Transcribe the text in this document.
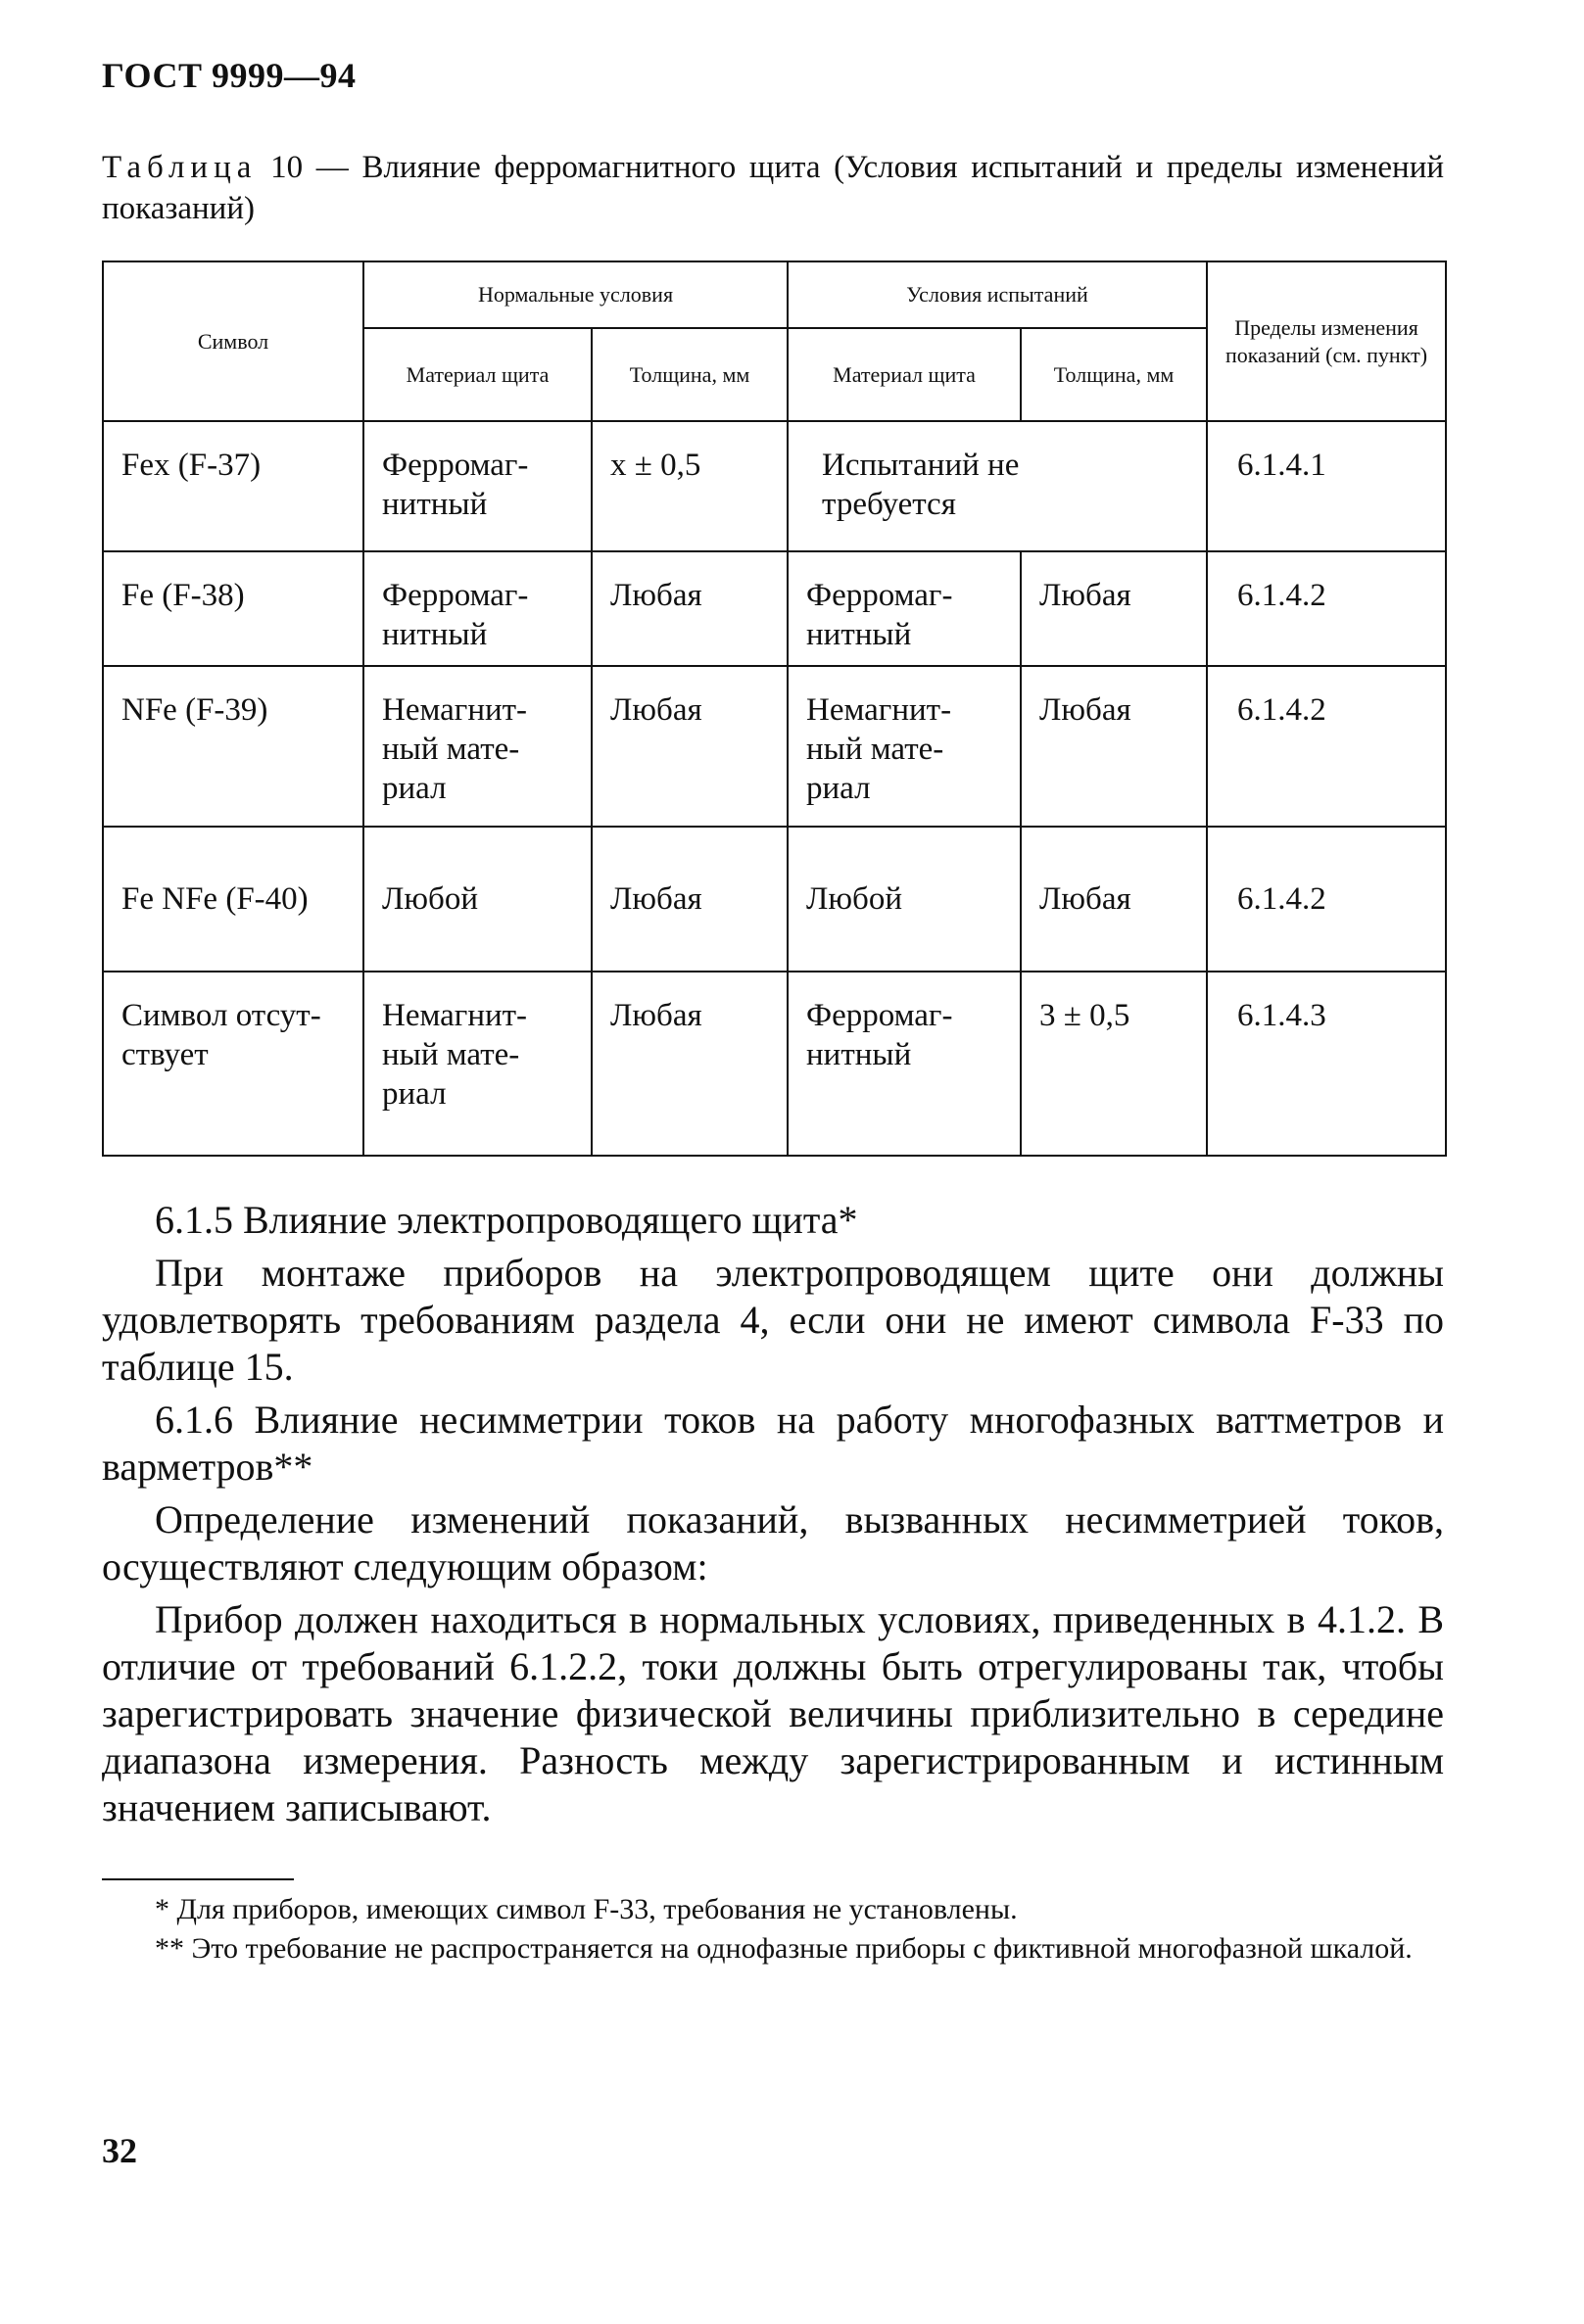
ГОСТ 9999—94
Таблица 10 — Влияние ферромагнитного щита (Условия испытаний и пределы изменений показаний)
Символ	Нормальные условия		Условия испытаний		Пределы изменения показаний (см. пункт)
	Материал щита	Толщина, мм	Материал щита	Толщина, мм	
Fex (F-37)	Ферромаг-нитный	x ± 0,5	Испытаний не требуется		6.1.4.1
Fe (F-38)	Ферромаг-нитный	Любая	Ферромаг-нитный	Любая	6.1.4.2
NFe (F-39)	Немагнит-ный мате-риал	Любая	Немагнит-ный мате-риал	Любая	6.1.4.2
Fe NFe (F-40)	Любой	Любая	Любой	Любая	6.1.4.2
Символ отсут-ствует	Немагнит-ный мате-риал	Любая	Ферромаг-нитный	3 ± 0,5	6.1.4.3

6.1.5 Влияние электропроводящего щита*

При монтаже приборов на электропроводящем щите они должны удовлетворять требованиям раздела 4, если они не имеют символа F-33 по таблице 15.

6.1.6 Влияние несимметрии токов на работу многофазных ваттметров и варметров**

Определение изменений показаний, вызванных несимметрией токов, осуществляют следующим образом:

Прибор должен находиться в нормальных условиях, приведенных в 4.1.2. В отличие от требований 6.1.2.2, токи должны быть отрегулированы так, чтобы зарегистрировать значение физической величины приблизительно в середине диапазона измерения. Разность между зарегистрированным и истинным значением записывают.

* Для приборов, имеющих символ F-33, требования не установлены.

** Это требование не распространяется на однофазные приборы с фиктивной многофазной шкалой.

32
